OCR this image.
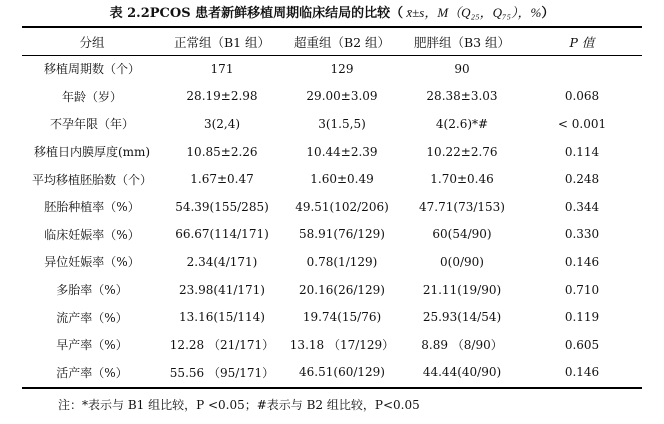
表 2.2PCOS 患者新鲜移植周期临床结局的比较（ x̄±s，M（Q₂₅，Q₇₅），%）
分组	正常组（B1 组）	超重组（B2 组）	肥胖组（B3 组）	P 值
移植周期数（个）	171	129	90	
年龄（岁）	28.19±2.98	29.00±3.09	28.38±3.03	0.068
不孕年限（年）	3(2,4)	3(1.5,5)	4(2.6)*#	< 0.001
移植日内膜厚度(mm)	10.85±2.26	10.44±2.39	10.22±2.76	0.114
平均移植胚胎数（个）	1.67±0.47	1.60±0.49	1.70±0.46	0.248
胚胎种植率（%）	54.39(155/285)	49.51(102/206)	47.71(73/153)	0.344
临床妊娠率（%）	66.67(114/171)	58.91(76/129)	60(54/90)	0.330
异位妊娠率（%）	2.34(4/171)	0.78(1/129)	0(0/90)	0.146
多胎率（%）	23.98(41/171)	20.16(26/129)	21.11(19/90)	0.710
流产率（%）	13.16(15/114)	19.74(15/76)	25.93(14/54)	0.119
早产率（%）	12.28 （21/171）	13.18 （17/129）	8.89 （8/90）	0.605
活产率（%）	55.56 （95/171）	46.51(60/129)	44.44(40/90)	0.146
注：*表示与 B1 组比较，P <0.05；#表示与 B2 组比较，P<0.05
